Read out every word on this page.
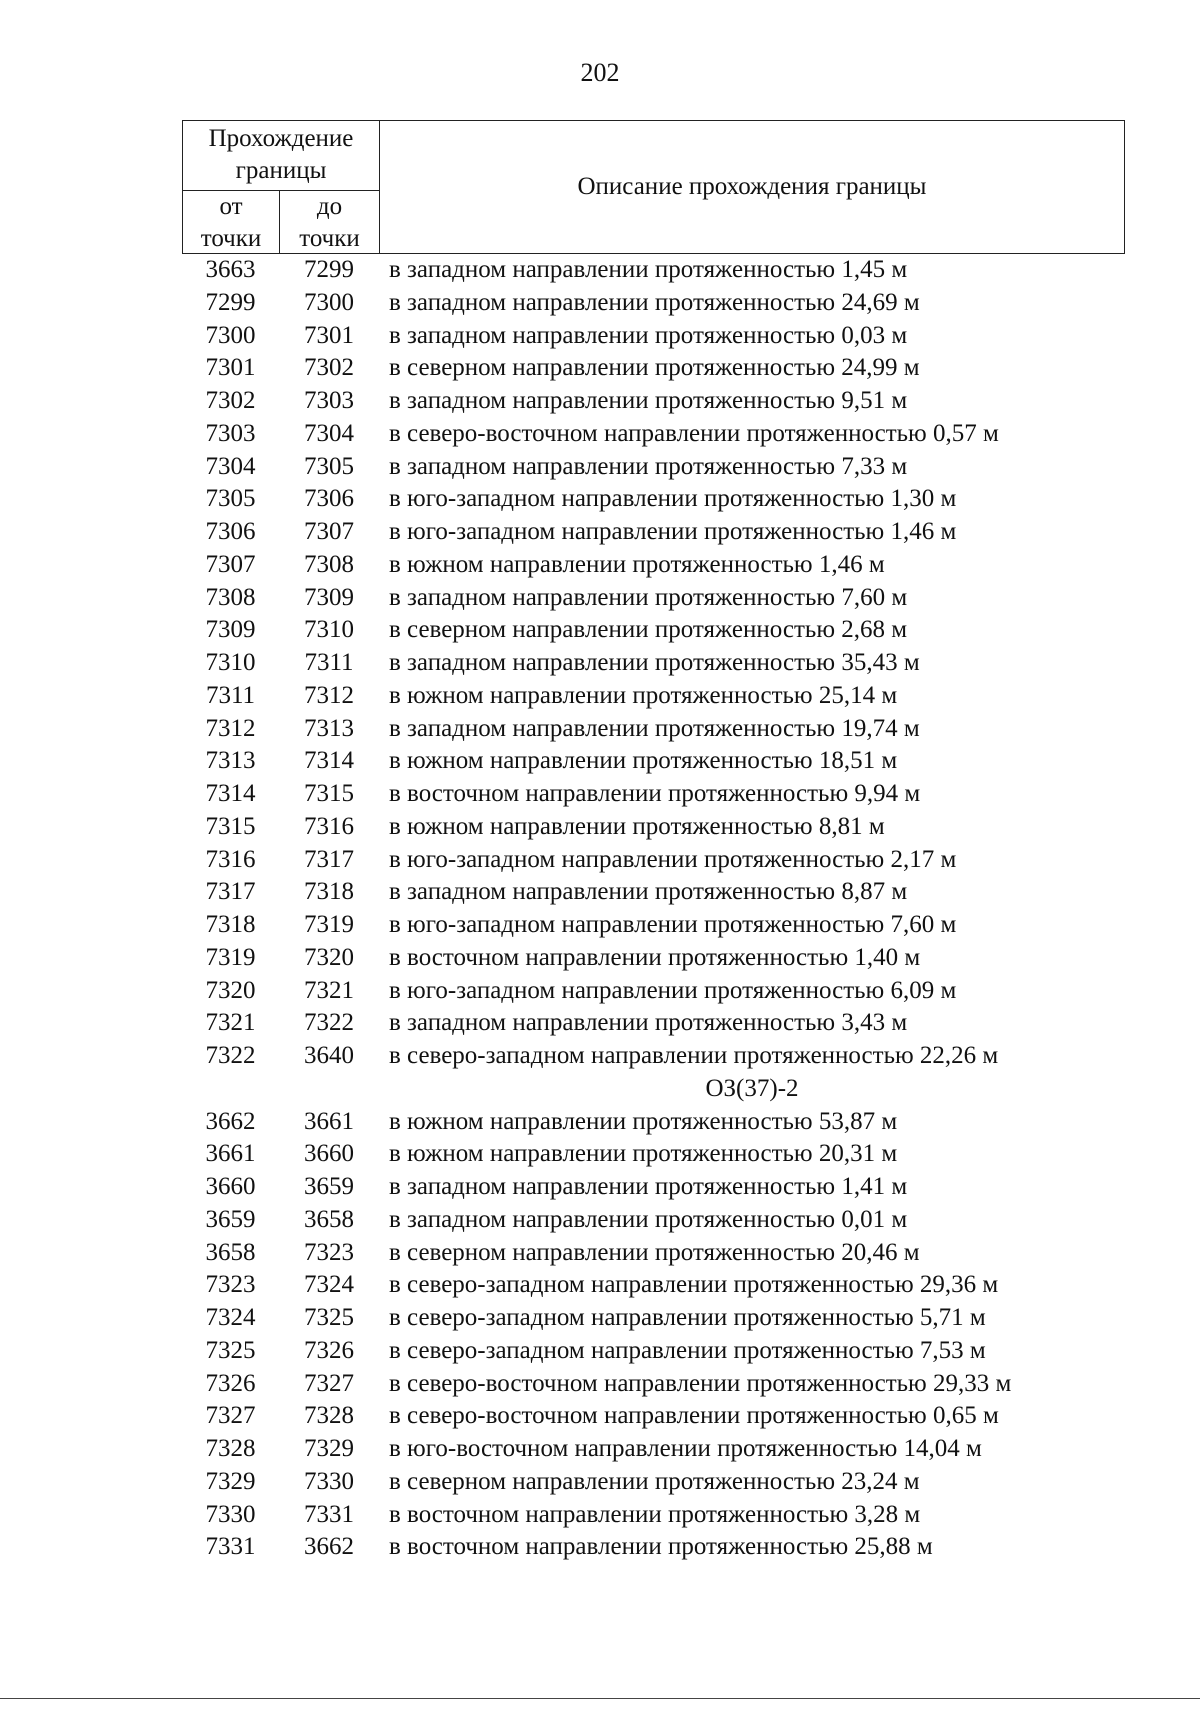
202
Прохождение
границы
от
точки
до
точки
Описание прохождения границы
3663	7299	в западном направлении протяженностью 1,45 м
7299	7300	в западном направлении протяженностью 24,69 м
7300	7301	в западном направлении протяженностью 0,03 м
7301	7302	в северном направлении протяженностью 24,99 м
7302	7303	в западном направлении протяженностью 9,51 м
7303	7304	в северо-восточном направлении протяженностью 0,57 м
7304	7305	в западном направлении протяженностью 7,33 м
7305	7306	в юго-западном направлении протяженностью 1,30 м
7306	7307	в юго-западном направлении протяженностью 1,46 м
7307	7308	в южном направлении протяженностью 1,46 м
7308	7309	в западном направлении протяженностью 7,60 м
7309	7310	в северном направлении протяженностью 2,68 м
7310	7311	в западном направлении протяженностью 35,43 м
7311	7312	в южном направлении протяженностью 25,14 м
7312	7313	в западном направлении протяженностью 19,74 м
7313	7314	в южном направлении протяженностью 18,51 м
7314	7315	в восточном направлении протяженностью 9,94 м
7315	7316	в южном направлении протяженностью 8,81 м
7316	7317	в юго-западном направлении протяженностью 2,17 м
7317	7318	в западном направлении протяженностью 8,87 м
7318	7319	в юго-западном направлении протяженностью 7,60 м
7319	7320	в восточном направлении протяженностью 1,40 м
7320	7321	в юго-западном направлении протяженностью 6,09 м
7321	7322	в западном направлении протяженностью 3,43 м
7322	3640	в северо-западном направлении протяженностью 22,26 м
ОЗ(37)-2
3662	3661	в южном направлении протяженностью 53,87 м
3661	3660	в южном направлении протяженностью 20,31 м
3660	3659	в западном направлении протяженностью 1,41 м
3659	3658	в западном направлении протяженностью 0,01 м
3658	7323	в северном направлении протяженностью 20,46 м
7323	7324	в северо-западном направлении протяженностью 29,36 м
7324	7325	в северо-западном направлении протяженностью 5,71 м
7325	7326	в северо-западном направлении протяженностью 7,53 м
7326	7327	в северо-восточном направлении протяженностью 29,33 м
7327	7328	в северо-восточном направлении протяженностью 0,65 м
7328	7329	в юго-восточном направлении протяженностью 14,04 м
7329	7330	в северном направлении протяженностью 23,24 м
7330	7331	в восточном направлении протяженностью 3,28 м
7331	3662	в восточном направлении протяженностью 25,88 м
